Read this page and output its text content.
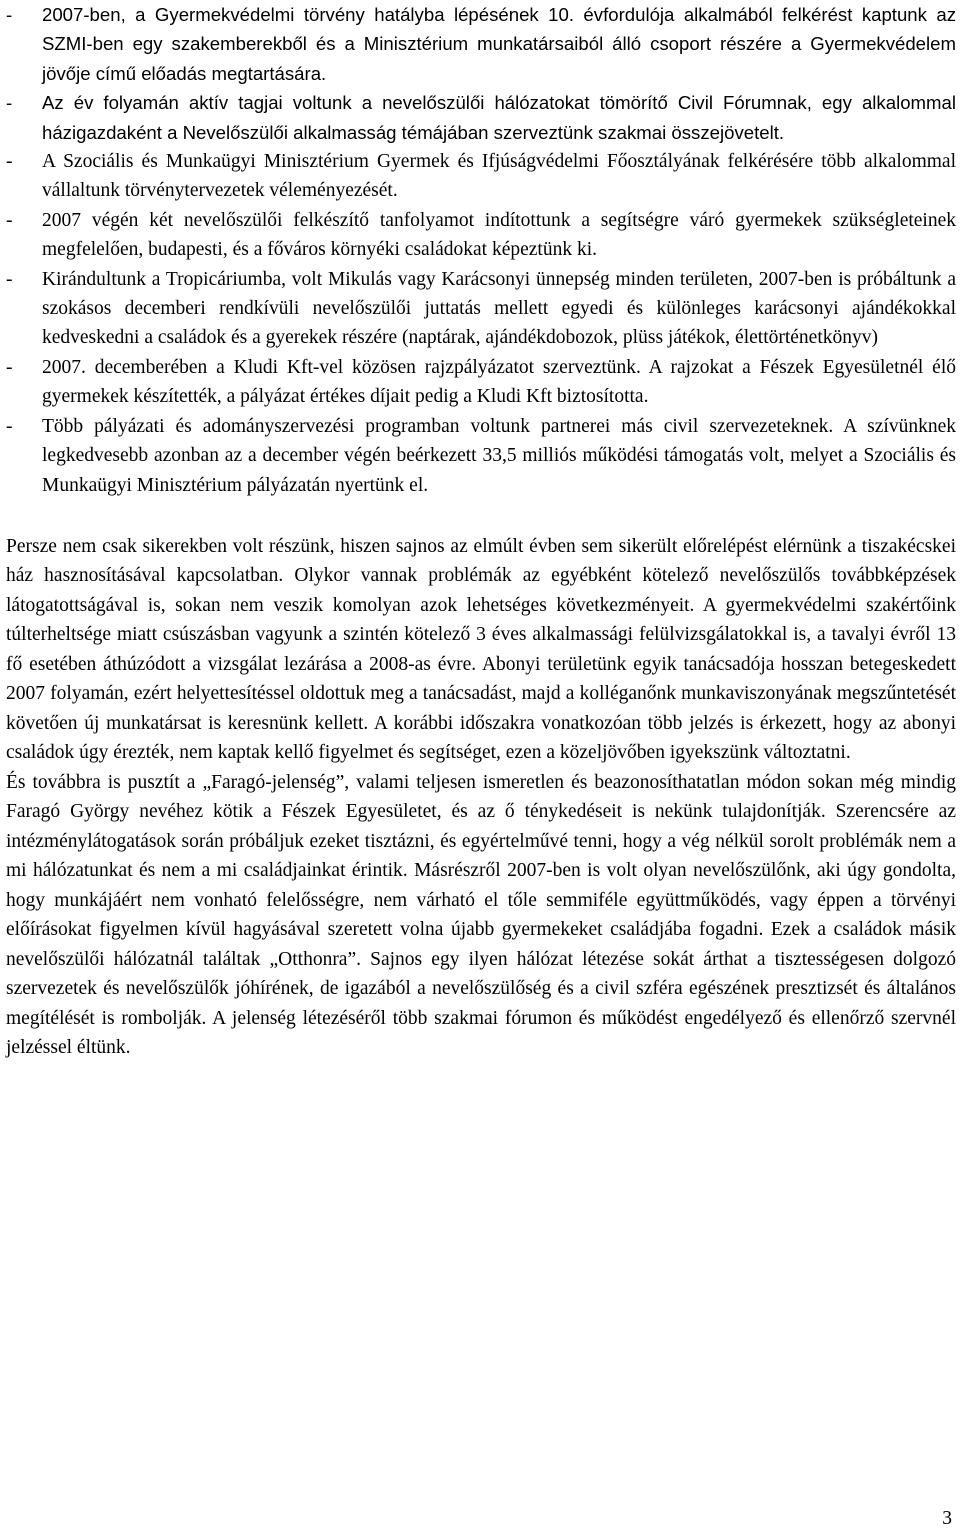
- 2007-ben, a Gyermekvédelmi törvény hatályba lépésének 10. évfordulója alkalmából felkérést kaptunk az SZMI-ben egy szakemberekből és a Minisztérium munkatársaiból álló csoport részére a Gyermekvédelem jövője című előadás megtartására.
- Az év folyamán aktív tagjai voltunk a nevelőszülői hálózatokat tömörítő Civil Fórumnak, egy alkalommal házigazdaként a Nevelőszülői alkalmasság témájában szerveztünk szakmai összejövetelt.
- A Szociális és Munkaügyi Minisztérium Gyermek és Ifjúságvédelmi Főosztályának felkérésére több alkalommal vállaltunk törvénytervezetek véleményezését.
- 2007 végén két nevelőszülői felkészítő tanfolyamot indítottunk a segítségre váró gyermekek szükségleteinek megfelelően, budapesti, és a főváros környéki családokat képeztünk ki.
- Kirándultunk a Tropicáriumba, volt Mikulás vagy Karácsonyi ünnepség minden területen, 2007-ben is próbáltunk a szokásos decemberi rendkívüli nevelőszülői juttatás mellett egyedi és különleges karácsonyi ajándékokkal kedveskedni a családok és a gyerekek részére (naptárak, ajándékdobozok, plüss játékok, élettörténetkönyv)
- 2007. decemberében a Kludi Kft-vel közösen rajzpályázatot szerveztünk. A rajzokat a Fészek Egyesületnél élő gyermekek készítették, a pályázat értékes díjait pedig a Kludi Kft biztosította.
- Több pályázati és adományszervezési programban voltunk partnerei más civil szervezeteknek. A szívünknek legkedvesebb azonban az a december végén beérkezett 33,5 milliós működési támogatás volt, melyet a Szociális és Munkaügyi Minisztérium pályázatán nyertünk el.

Persze nem csak sikerekben volt részünk, hiszen sajnos az elmúlt évben sem sikerült előrelépést elérnünk a tiszakécskei ház hasznosításával kapcsolatban. Olykor vannak problémák az egyébként kötelező nevelőszülős továbbképzések látogatottságával is, sokan nem veszik komolyan azok lehetséges következményeit. A gyermekvédelmi szakértőink túlterheltsége miatt csúszásban vagyunk a szintén kötelező 3 éves alkalmassági felülvizsgálatokkal is, a tavalyi évről 13 fő esetében áthúzódott a vizsgálat lezárása a 2008-as évre. Abonyi területünk egyik tanácsadója hosszan betegeskedett 2007 folyamán, ezért helyettesítéssel oldottuk meg a tanácsadást, majd a kolléganőnk munkaviszonyának megszűntetését követően új munkatársat is keresnünk kellett. A korábbi időszakra vonatkozóan több jelzés is érkezett, hogy az abonyi családok úgy érezték, nem kaptak kellő figyelmet és segítséget, ezen a közeljövőben igyekszünk változtatni.

És továbbra is pusztít a „Faragó-jelenség”, valami teljesen ismeretlen és beazonosíthatatlan módon sokan még mindig Faragó György nevéhez kötik a Fészek Egyesületet, és az ő ténykedéseit is nekünk tulajdonítják. Szerencsére az intézménylátogatások során próbáljuk ezeket tisztázni, és egyértelművé tenni, hogy a vég nélkül sorolt problémák nem a mi hálózatunkat és nem a mi családjainkat érintik. Másrészről 2007-ben is volt olyan nevelőszülőnk, aki úgy gondolta, hogy munkájáért nem vonható felelősségre, nem várható el tőle semmiféle együttműködés, vagy éppen a törvényi előírásokat figyelmen kívül hagyásával szeretett volna újabb gyermekeket családjába fogadni. Ezek a családok másik nevelőszülői hálózatnál találtak „Otthonra”. Sajnos egy ilyen hálózat létezése sokát árthat a tisztességesen dolgozó szervezetek és nevelőszülők jóhírének, de igazából a nevelőszülőség és a civil szféra egészének presztizsét és általános megítélését is rombolják. A jelenség létezéséről több szakmai fórumon és működést engedélyező és ellenőrző szervnél jelzéssel éltünk.

3
